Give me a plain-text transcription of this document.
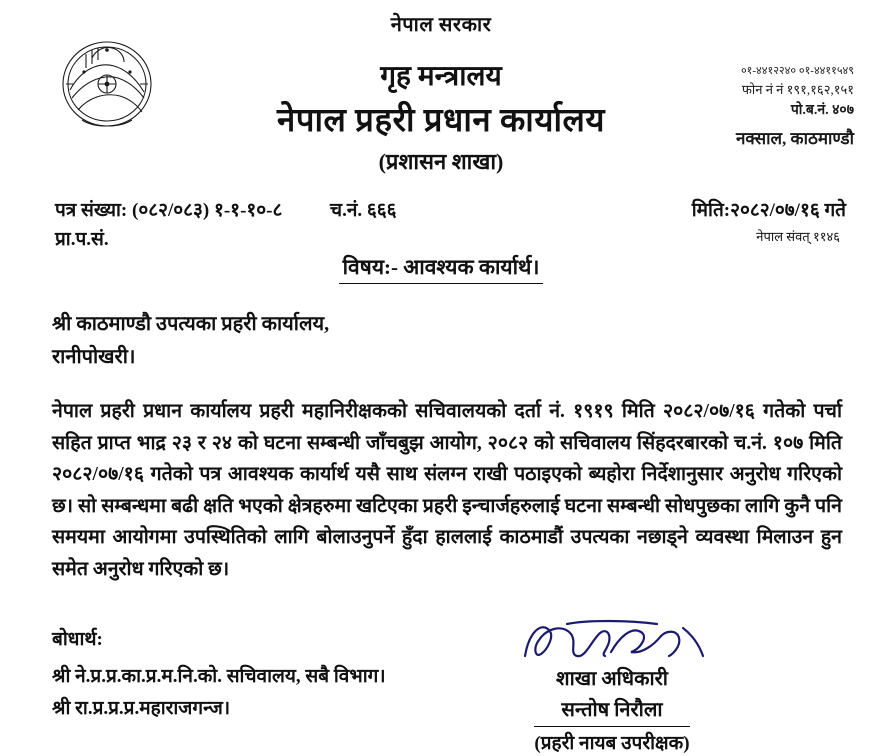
नेपाल सरकार
गृह मन्त्रालय
नेपाल प्रहरी प्रधान कार्यालय
(प्रशासन शाखा)
०१-४४१२२४० ०१-४४११५४९
फोन नं नं १९१,१६२,१५१
पो.ब.नं. ४०७
नक्साल, काठमाण्डौ
पत्र संख्या: (०८२/०८३) १-१-१०-८
प्रा.प.सं.
च.नं. ६६६	मिति:२०८२/०७/१६ गते
नेपाल संवत् ११४६
विषय:- आवश्यक कार्यार्थ।
श्री काठमाण्डौ उपत्यका प्रहरी कार्यालय,
रानीपोखरी।
नेपाल प्रहरी प्रधान कार्यालय प्रहरी महानिरीक्षकको सचिवालयको दर्ता नं. १९१९ मिति २०८२/०७/१६ गतेको पर्चा सहित प्राप्त भाद्र २३ र २४ को घटना सम्बन्धी जाँचबुझ आयोग, २०८२ को सचिवालय सिंहदरबारको च.नं. १०७ मिति २०८२/०७/१६ गतेको पत्र आवश्यक कार्यार्थ यसै साथ संलग्न राखी पठाइएको ब्यहोरा निर्देशानुसार अनुरोध गरिएको छ। सो सम्बन्धमा बढी क्षति भएको क्षेत्रहरुमा खटिएका प्रहरी इन्चार्जहरुलाई घटना सम्बन्धी सोधपुछका लागि कुनै पनि समयमा आयोगमा उपस्थितिको लागि बोलाउनुपर्ने हुँदा हाललाई काठमाडौं उपत्यका नछाड्ने व्यवस्था मिलाउन हुन समेत अनुरोध गरिएको छ।
बोधार्थ:
श्री ने.प्र.प्र.का.प्र.म.नि.को. सचिवालय, सबै विभाग।
श्री रा.प्र.प्र.प्र.महाराजगन्ज।
शाखा अधिकारी
सन्तोष निरौला
(प्रहरी नायब उपरीक्षक)
